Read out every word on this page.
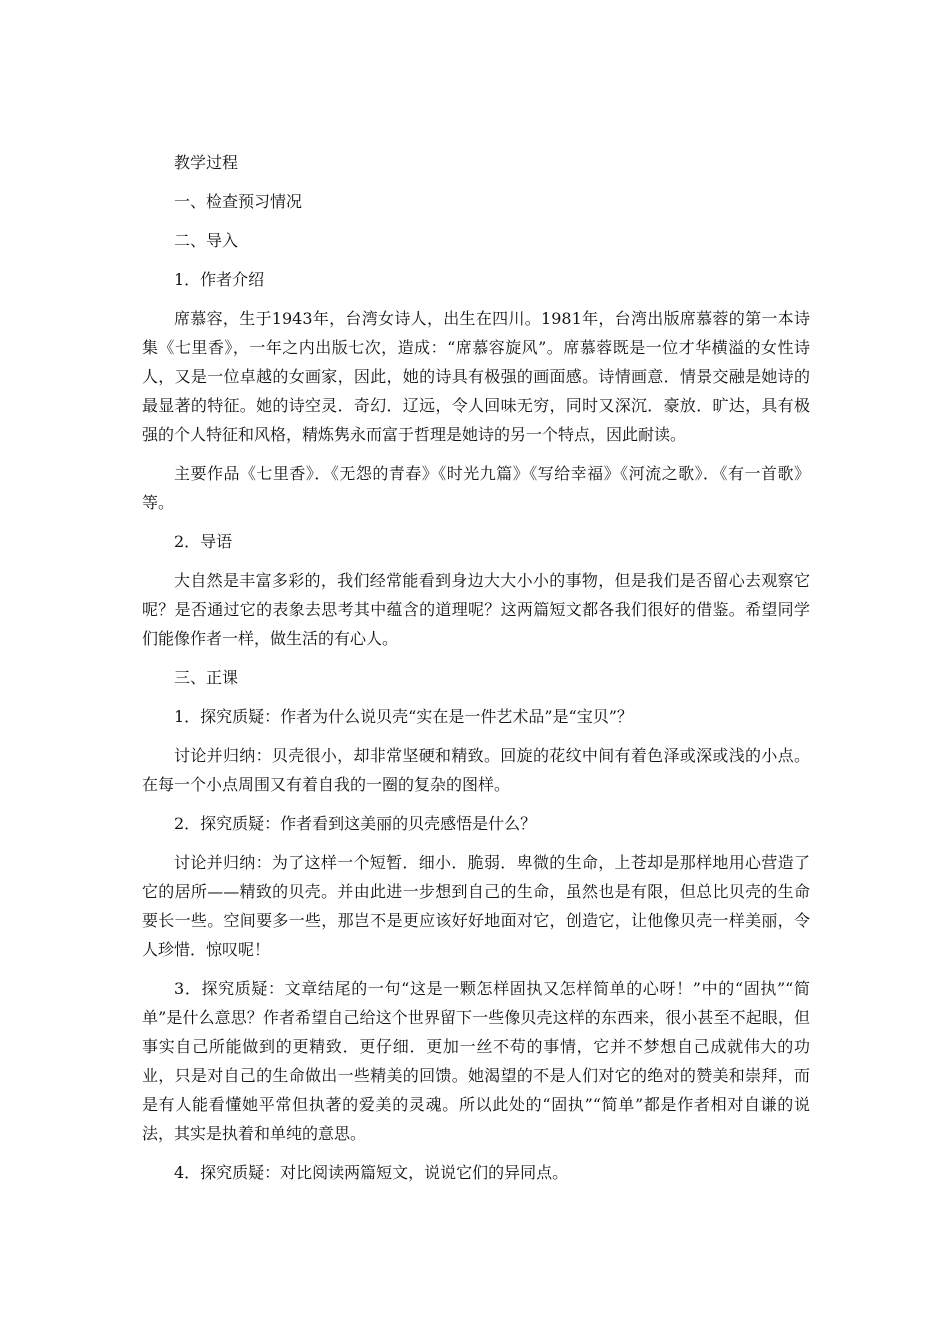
教学过程

一、检查预习情况

二、导入

1．作者介绍

席慕容，生于1943年，台湾女诗人，出生在四川。1981年，台湾出版席慕蓉的第一本诗集《七里香》，一年之内出版七次，造成：“席慕容旋风”。席慕蓉既是一位才华横溢的女性诗人，又是一位卓越的女画家，因此，她的诗具有极强的画面感。诗情画意．情景交融是她诗的最显著的特征。她的诗空灵．奇幻．辽远，令人回味无穷，同时又深沉．豪放．旷达，具有极强的个人特征和风格，精炼隽永而富于哲理是她诗的另一个特点，因此耐读。

主要作品《七里香》．《无怨的青春》《时光九篇》《写给幸福》《河流之歌》．《有一首歌》等。

2．导语

大自然是丰富多彩的，我们经常能看到身边大大小小的事物，但是我们是否留心去观察它呢？是否通过它的表象去思考其中蕴含的道理呢？这两篇短文都各我们很好的借鉴。希望同学们能像作者一样，做生活的有心人。

三、正课

1．探究质疑：作者为什么说贝壳“实在是一件艺术品”是“宝贝”？

讨论并归纳：贝壳很小，却非常坚硬和精致。回旋的花纹中间有着色泽或深或浅的小点。在每一个小点周围又有着自我的一圈的复杂的图样。

2．探究质疑：作者看到这美丽的贝壳感悟是什么？

讨论并归纳：为了这样一个短暂．细小．脆弱．卑微的生命，上苍却是那样地用心营造了它的居所——精致的贝壳。并由此进一步想到自己的生命，虽然也是有限，但总比贝壳的生命要长一些。空间要多一些，那岂不是更应该好好地面对它，创造它，让他像贝壳一样美丽，令人珍惜．惊叹呢！

3．探究质疑：文章结尾的一句“这是一颗怎样固执又怎样简单的心呀！”中的“固执”“简单”是什么意思？作者希望自己给这个世界留下一些像贝壳这样的东西来，很小甚至不起眼，但事实自己所能做到的更精致．更仔细．更加一丝不苟的事情，它并不梦想自己成就伟大的功业，只是对自己的生命做出一些精美的回馈。她渴望的不是人们对它的绝对的赞美和崇拜，而是有人能看懂她平常但执著的爱美的灵魂。所以此处的“固执”“简单”都是作者相对自谦的说法，其实是执着和单纯的意思。

4．探究质疑：对比阅读两篇短文，说说它们的异同点。
